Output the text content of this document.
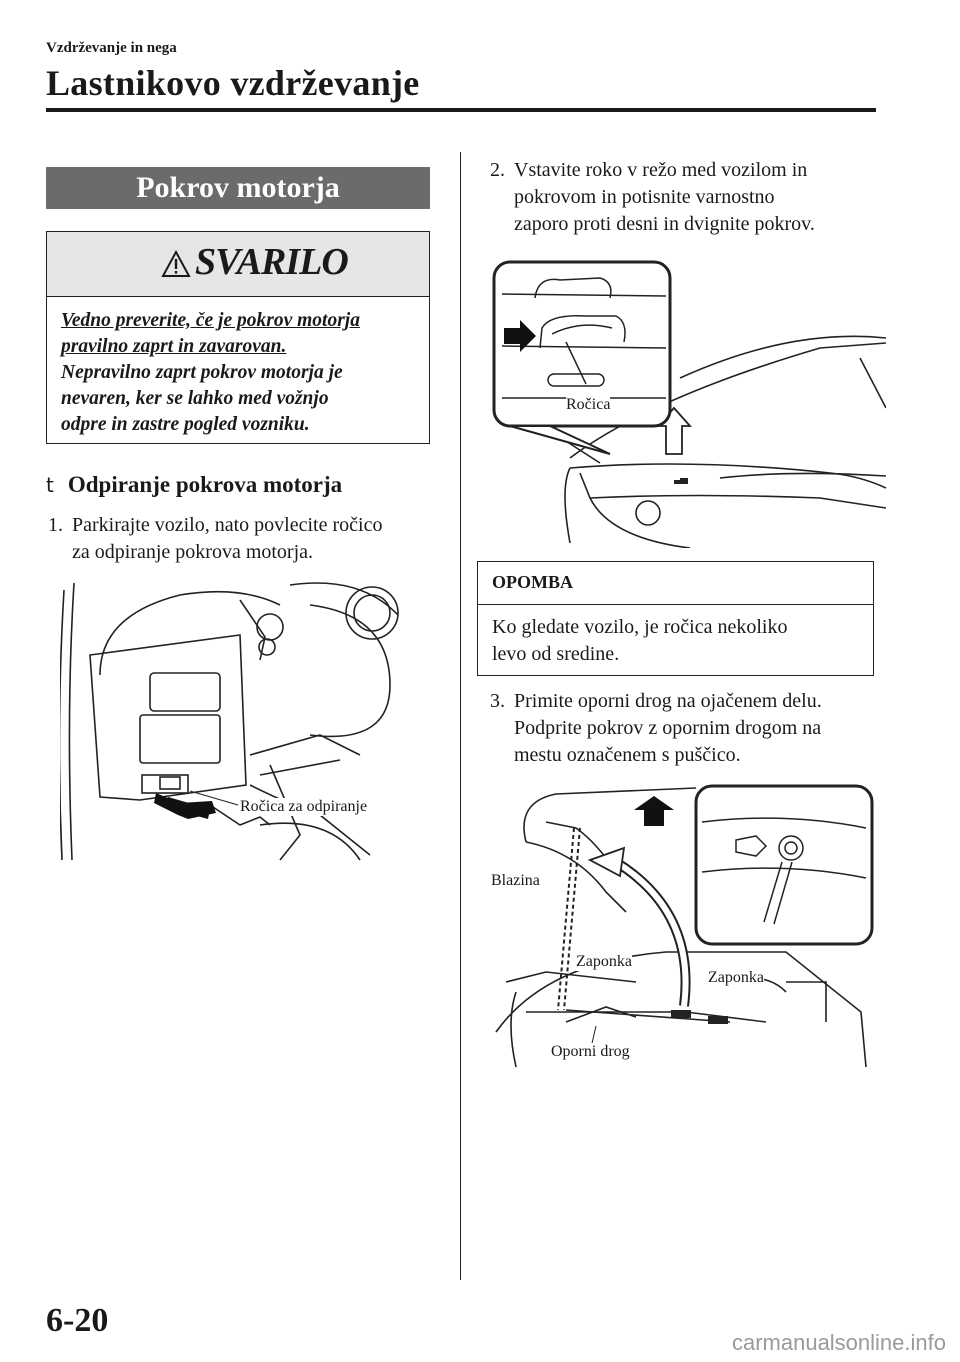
Vzdrževanje in nega
Lastnikovo vzdrževanje
Pokrov motorja
SVARILO
Vedno preverite, če je pokrov motorja
pravilno zaprt in zavarovan.
Nepravilno zaprt pokrov motorja je
nevaren, ker se lahko med vožnjo
odpre in zastre pogled vozniku.
t Odpiranje pokrova motorja
1. Parkirajte vozilo, nato povlecite ročico
za odpiranje pokrova motorja.
Ročica za odpiranje
2. Vstavite roko v režo med vozilom in
pokrovom in potisnite varnostno
zaporo proti desni in dvignite pokrov.
Ročica
OPOMBA
Ko gledate vozilo, je ročica nekoliko
levo od sredine.
3. Primite oporni drog na ojačenem delu.
Podprite pokrov z opornim drogom na
mestu označenem s puščico.
Blazina
Zaponka
Zaponka
Oporni drog
6-20
carmanualsonline.info
